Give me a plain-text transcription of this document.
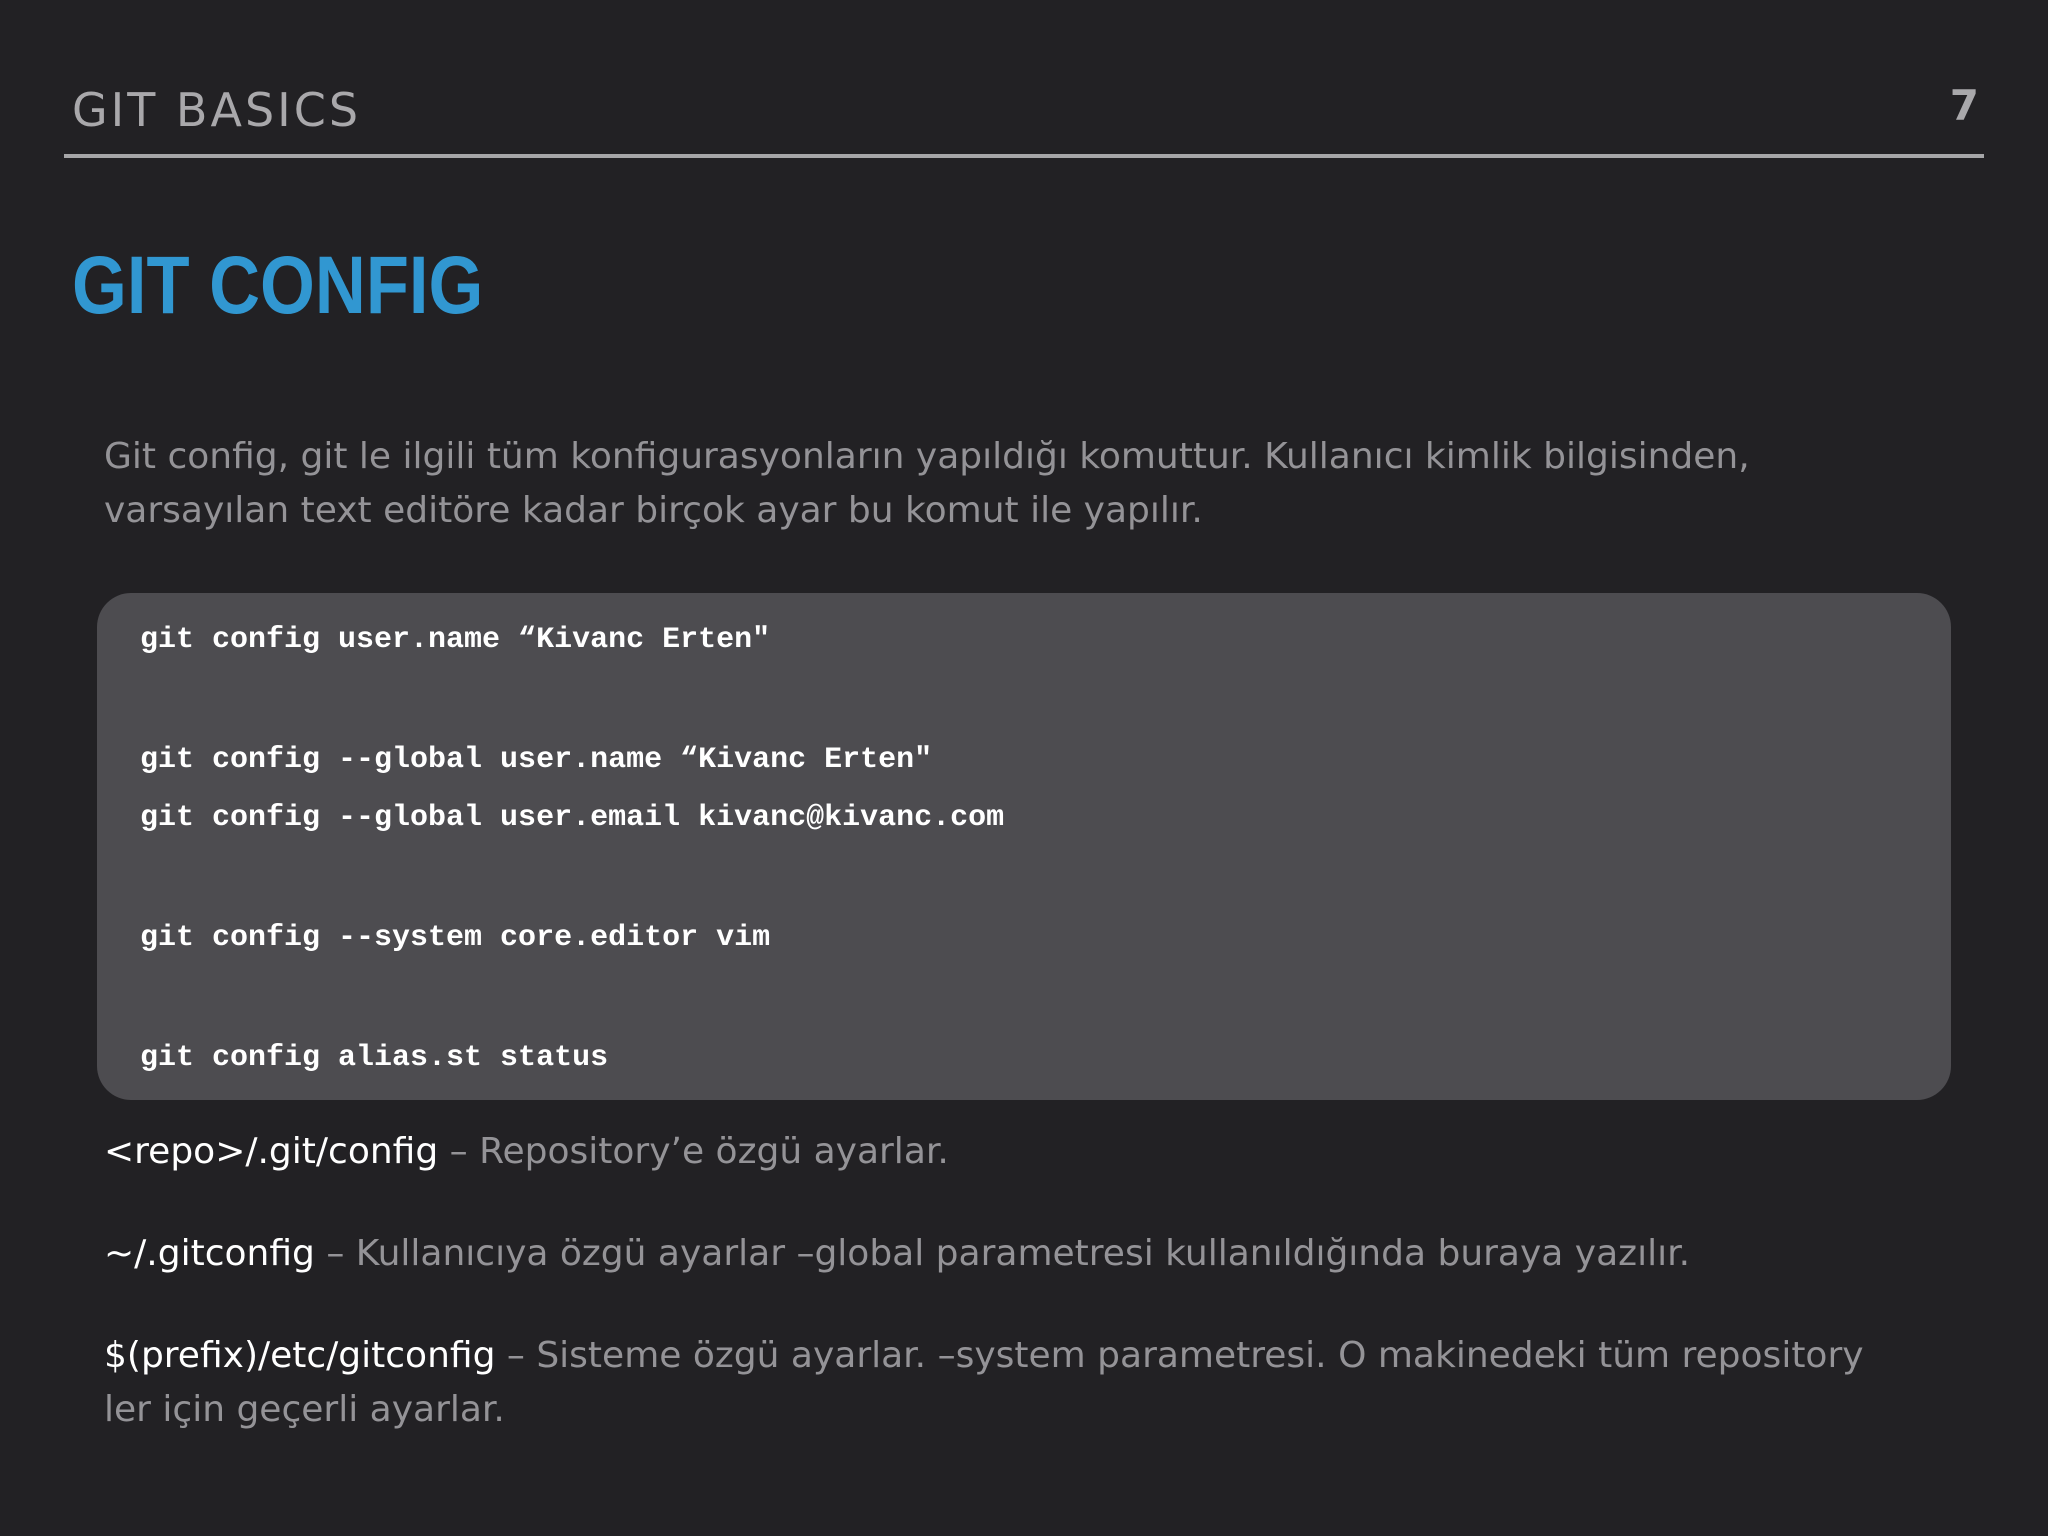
GIT BASICS	7
GIT CONFIG
Git config, git le ilgili tüm konfigurasyonların yapıldığı komuttur. Kullanıcı kimlik bilgisinden,
varsayılan text editöre kadar birçok ayar bu komut ile yapılır.
git config user.name “Kivanc Erten"
git config --global user.name “Kivanc Erten"
git config --global user.email kivanc@kivanc.com
git config --system core.editor vim
git config alias.st status
<repo>/.git/config – Repository’e özgü ayarlar.
~/.gitconfig – Kullanıcıya özgü ayarlar –global parametresi kullanıldığında buraya yazılır.
$(prefix)/etc/gitconfig – Sisteme özgü ayarlar. –system parametresi. O makinedeki tüm repository
ler için geçerli ayarlar.
